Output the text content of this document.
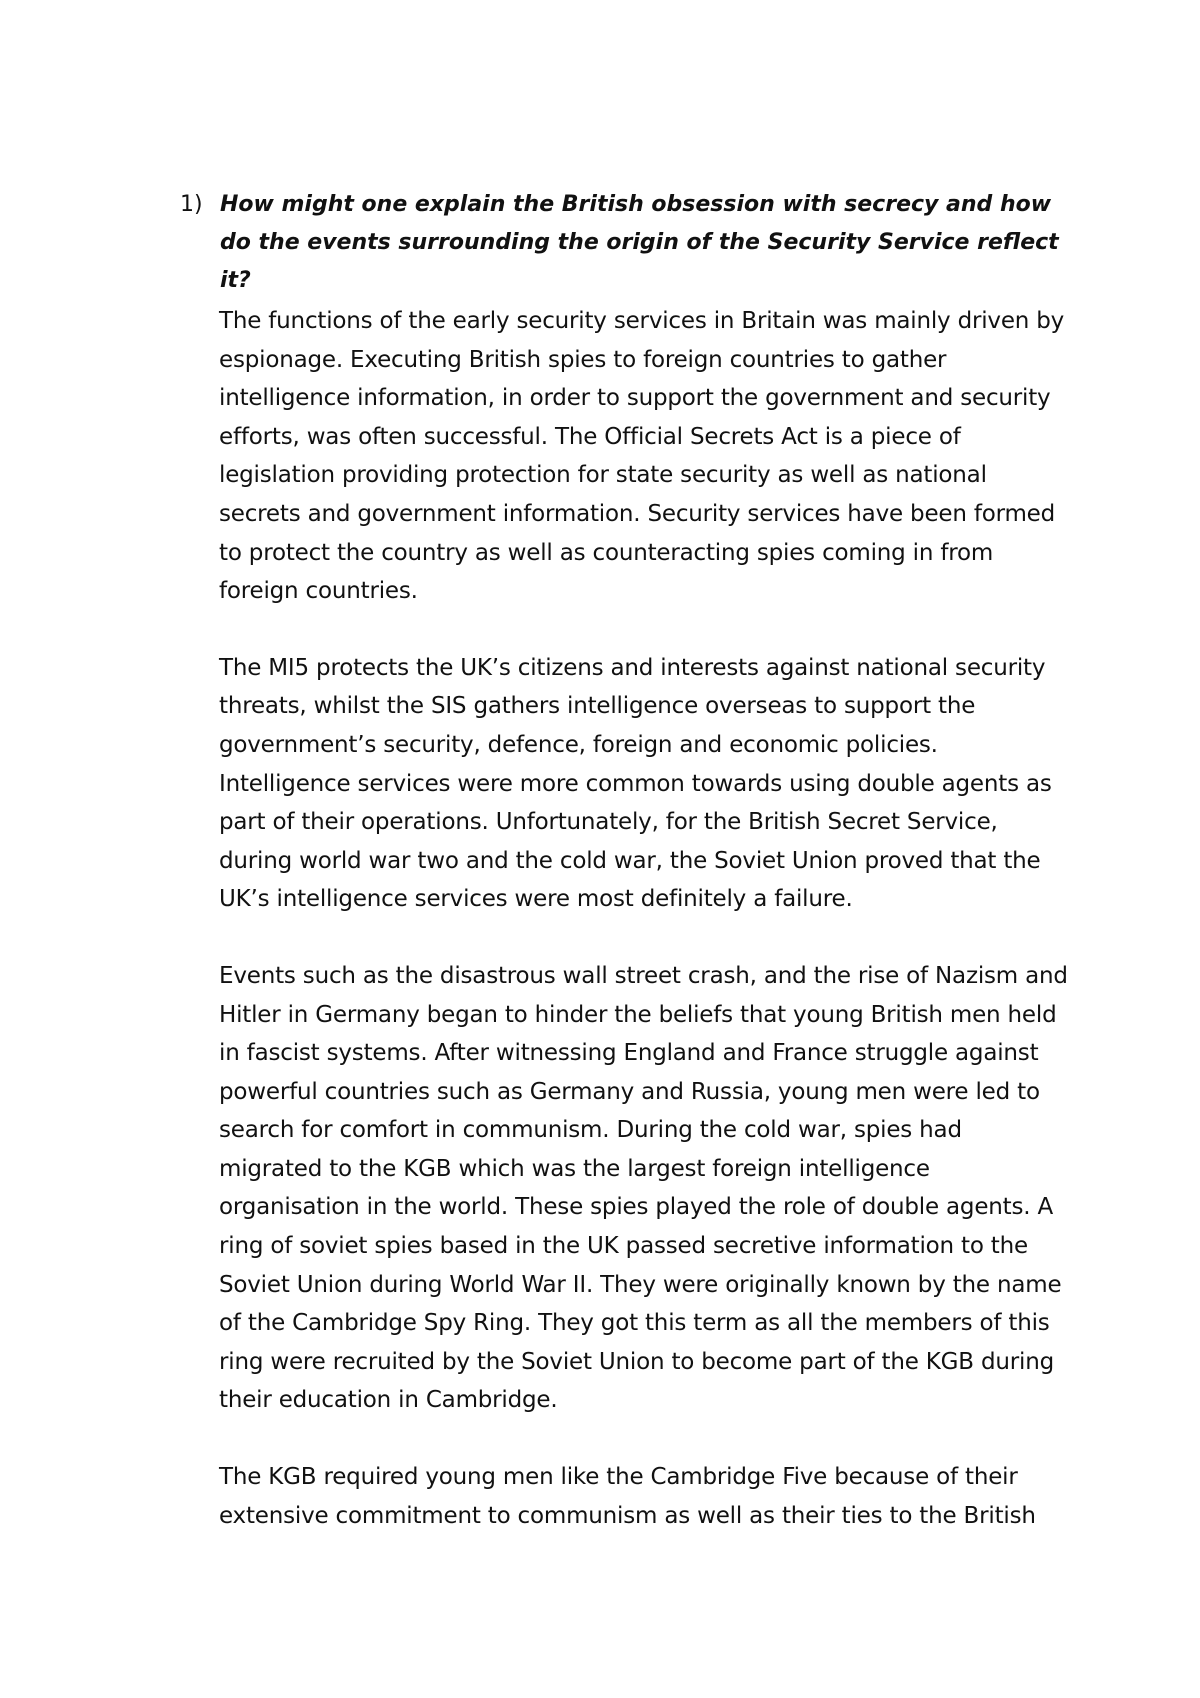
1) How might one explain the British obsession with secrecy and how do the events surrounding the origin of the Security Service reflect it?

The functions of the early security services in Britain was mainly driven by espionage. Executing British spies to foreign countries to gather intelligence information, in order to support the government and security efforts, was often successful. The Official Secrets Act is a piece of legislation providing protection for state security as well as national secrets and government information. Security services have been formed to protect the country as well as counteracting spies coming in from foreign countries.

The MI5 protects the UK’s citizens and interests against national security threats, whilst the SIS gathers intelligence overseas to support the government’s security, defence, foreign and economic policies. Intelligence services were more common towards using double agents as part of their operations. Unfortunately, for the British Secret Service, during world war two and the cold war, the Soviet Union proved that the UK’s intelligence services were most definitely a failure.

Events such as the disastrous wall street crash, and the rise of Nazism and Hitler in Germany began to hinder the beliefs that young British men held in fascist systems. After witnessing England and France struggle against powerful countries such as Germany and Russia, young men were led to search for comfort in communism. During the cold war, spies had migrated to the KGB which was the largest foreign intelligence organisation in the world. These spies played the role of double agents. A ring of soviet spies based in the UK passed secretive information to the Soviet Union during World War II. They were originally known by the name of the Cambridge Spy Ring. They got this term as all the members of this ring were recruited by the Soviet Union to become part of the KGB during their education in Cambridge.

The KGB required young men like the Cambridge Five because of their extensive commitment to communism as well as their ties to the British
